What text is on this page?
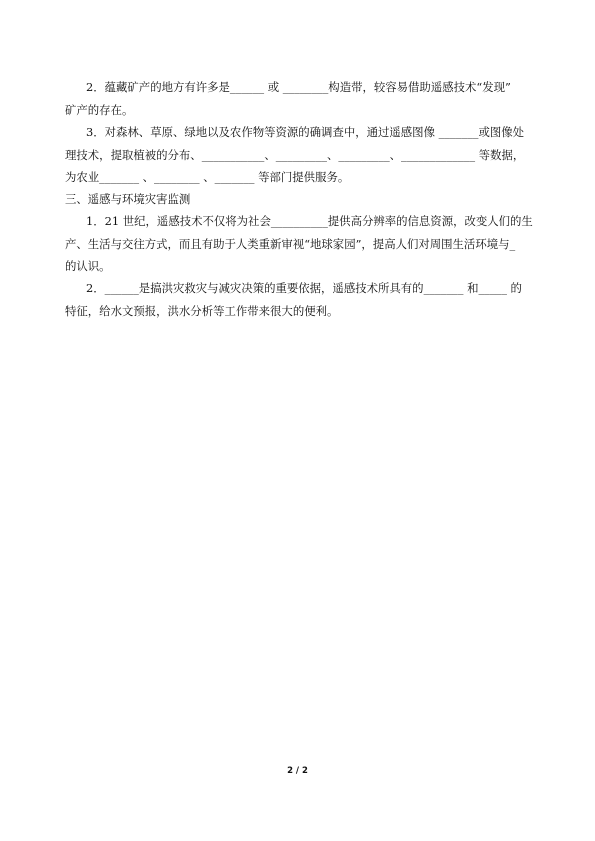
2．蕴藏矿产的地方有许多是______ 或 ________构造带，较容易借助遥感技术“发现”
矿产的存在。
3．对森林、草原、绿地以及农作物等资源的确调查中，通过遥感图像 _______或图像处
理技术，提取植被的分布、___________、_________、_________、_____________ 等数据，
为农业_______ 、________ 、_______ 等部门提供服务。
三、遥感与环境灾害监测
1．21 世纪，遥感技术不仅将为社会__________提供高分辨率的信息资源，改变人们的生
产、生活与交往方式，而且有助于人类重新审视“地球家园”，提高人们对周围生活环境与_
的认识。
2．______是搞洪灾救灾与减灾决策的重要依据，遥感技术所具有的_______ 和_____ 的
特征，给水文预报，洪水分析等工作带来很大的便利。
2 / 2
